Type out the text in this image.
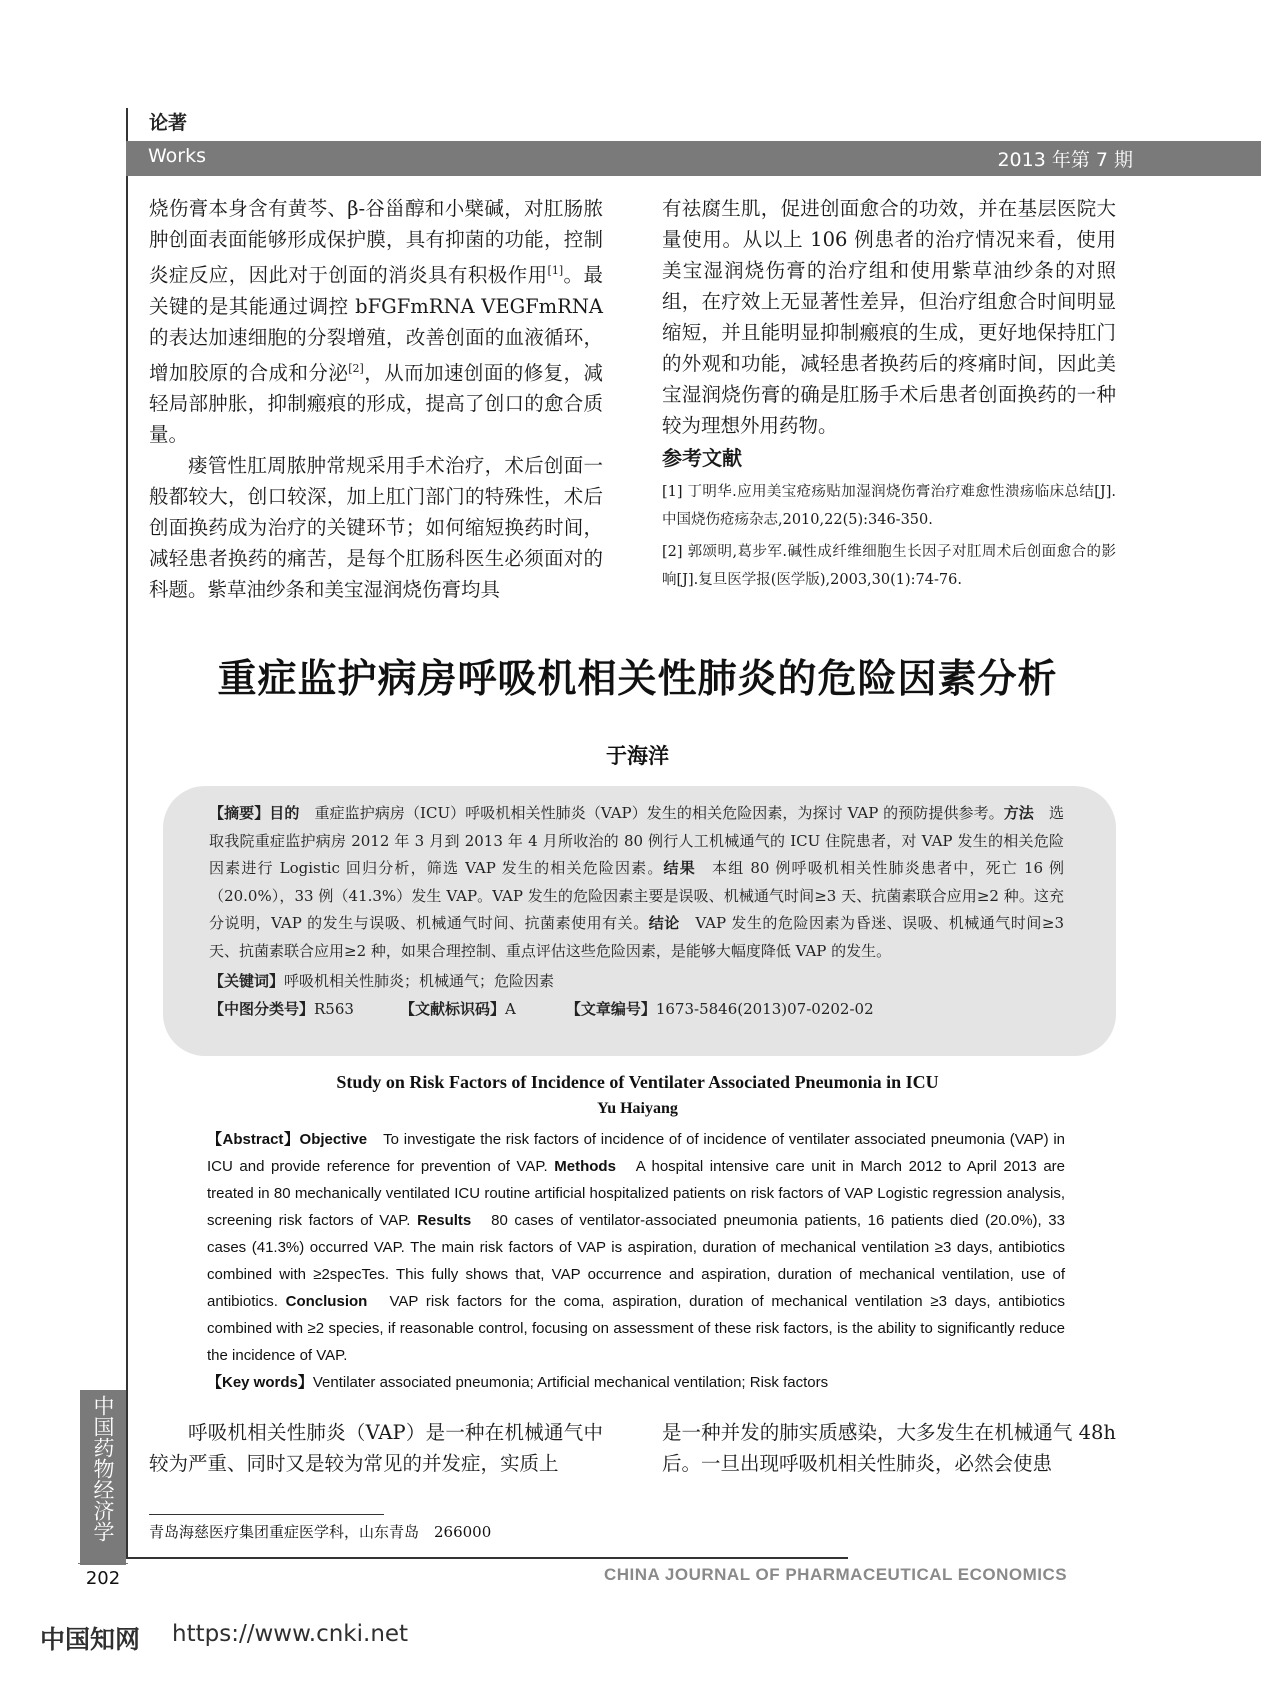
论著
Works	2013 年第 7 期

烧伤膏本身含有黄芩、β-谷甾醇和小檗碱，对肛肠脓肿创面表面能够形成保护膜，具有抑菌的功能，控制炎症反应，因此对于创面的消炎具有积极作用[1]。最关键的是其能通过调控 bFGFmRNA VEGFmRNA 的表达加速细胞的分裂增殖，改善创面的血液循环，增加胶原的合成和分泌[2]，从而加速创面的修复，减轻局部肿胀，抑制瘢痕的形成，提高了创口的愈合质量。

瘘管性肛周脓肿常规采用手术治疗，术后创面一般都较大，创口较深，加上肛门部门的特殊性，术后创面换药成为治疗的关键环节；如何缩短换药时间，减轻患者换药的痛苦，是每个肛肠科医生必须面对的科题。紫草油纱条和美宝湿润烧伤膏均具

有祛腐生肌，促进创面愈合的功效，并在基层医院大量使用。从以上 106 例患者的治疗情况来看，使用美宝湿润烧伤膏的治疗组和使用紫草油纱条的对照组，在疗效上无显著性差异，但治疗组愈合时间明显缩短，并且能明显抑制瘢痕的生成，更好地保持肛门的外观和功能，减轻患者换药后的疼痛时间，因此美宝湿润烧伤膏的确是肛肠手术后患者创面换药的一种较为理想外用药物。

参考文献
[1] 丁明华.应用美宝疮疡贴加湿润烧伤膏治疗难愈性溃疡临床总结[J].中国烧伤疮疡杂志,2010,22(5):346-350.
[2] 郭颂明,葛步军.碱性成纤维细胞生长因子对肛周术后创面愈合的影响[J].复旦医学报(医学版),2003,30(1):74-76.
重症监护病房呼吸机相关性肺炎的危险因素分析
于海洋

【摘要】目的　重症监护病房（ICU）呼吸机相关性肺炎（VAP）发生的相关危险因素，为探讨 VAP 的预防提供参考。方法　选取我院重症监护病房 2012 年 3 月到 2013 年 4 月所收治的 80 例行人工机械通气的 ICU 住院患者，对 VAP 发生的相关危险因素进行 Logistic 回归分析，筛选 VAP 发生的相关危险因素。结果　本组 80 例呼吸机相关性肺炎患者中，死亡 16 例（20.0%），33 例（41.3%）发生 VAP。VAP 发生的危险因素主要是误吸、机械通气时间≥3 天、抗菌素联合应用≥2 种。这充分说明，VAP 的发生与误吸、机械通气时间、抗菌素使用有关。结论　VAP 发生的危险因素为昏迷、误吸、机械通气时间≥3 天、抗菌素联合应用≥2 种，如果合理控制、重点评估这些危险因素，是能够大幅度降低 VAP 的发生。

【关键词】呼吸机相关性肺炎；机械通气；危险因素

【中图分类号】R563	【文献标识码】A	【文章编号】1673-5846(2013)07-0202-02

Study on Risk Factors of Incidence of Ventilater Associated Pneumonia in ICU
Yu Haiyang

【Abstract】Objective　To investigate the risk factors of incidence of of incidence of ventilater associated pneumonia (VAP) in ICU and provide reference for prevention of VAP. Methods　A hospital intensive care unit in March 2012 to April 2013 are treated in 80 mechanically ventilated ICU routine artificial hospitalized patients on risk factors of VAP Logistic regression analysis, screening risk factors of VAP. Results　80 cases of ventilator-associated pneumonia patients, 16 patients died (20.0%), 33 cases (41.3%) occurred VAP. The main risk factors of VAP is aspiration, duration of mechanical ventilation ≥3 days, antibiotics combined with ≥2specTes. This fully shows that, VAP occurrence and aspiration, duration of mechanical ventilation, use of antibiotics. Conclusion　VAP risk factors for the coma, aspiration, duration of mechanical ventilation ≥3 days, antibiotics combined with ≥2 species, if reasonable control, focusing on assessment of these risk factors, is the ability to significantly reduce the incidence of VAP.

【Key words】Ventilater associated pneumonia; Artificial mechanical ventilation; Risk factors

呼吸机相关性肺炎（VAP）是一种在机械通气中较为严重、同时又是较为常见的并发症，实质上

是一种并发的肺实质感染，大多发生在机械通气 48h 后。一旦出现呼吸机相关性肺炎，必然会使患

青岛海慈医疗集团重症医学科，山东青岛　266000
中国药物经济学
202	CHINA JOURNAL OF PHARMACEUTICAL ECONOMICS
中国知网 https://www.cnki.net
